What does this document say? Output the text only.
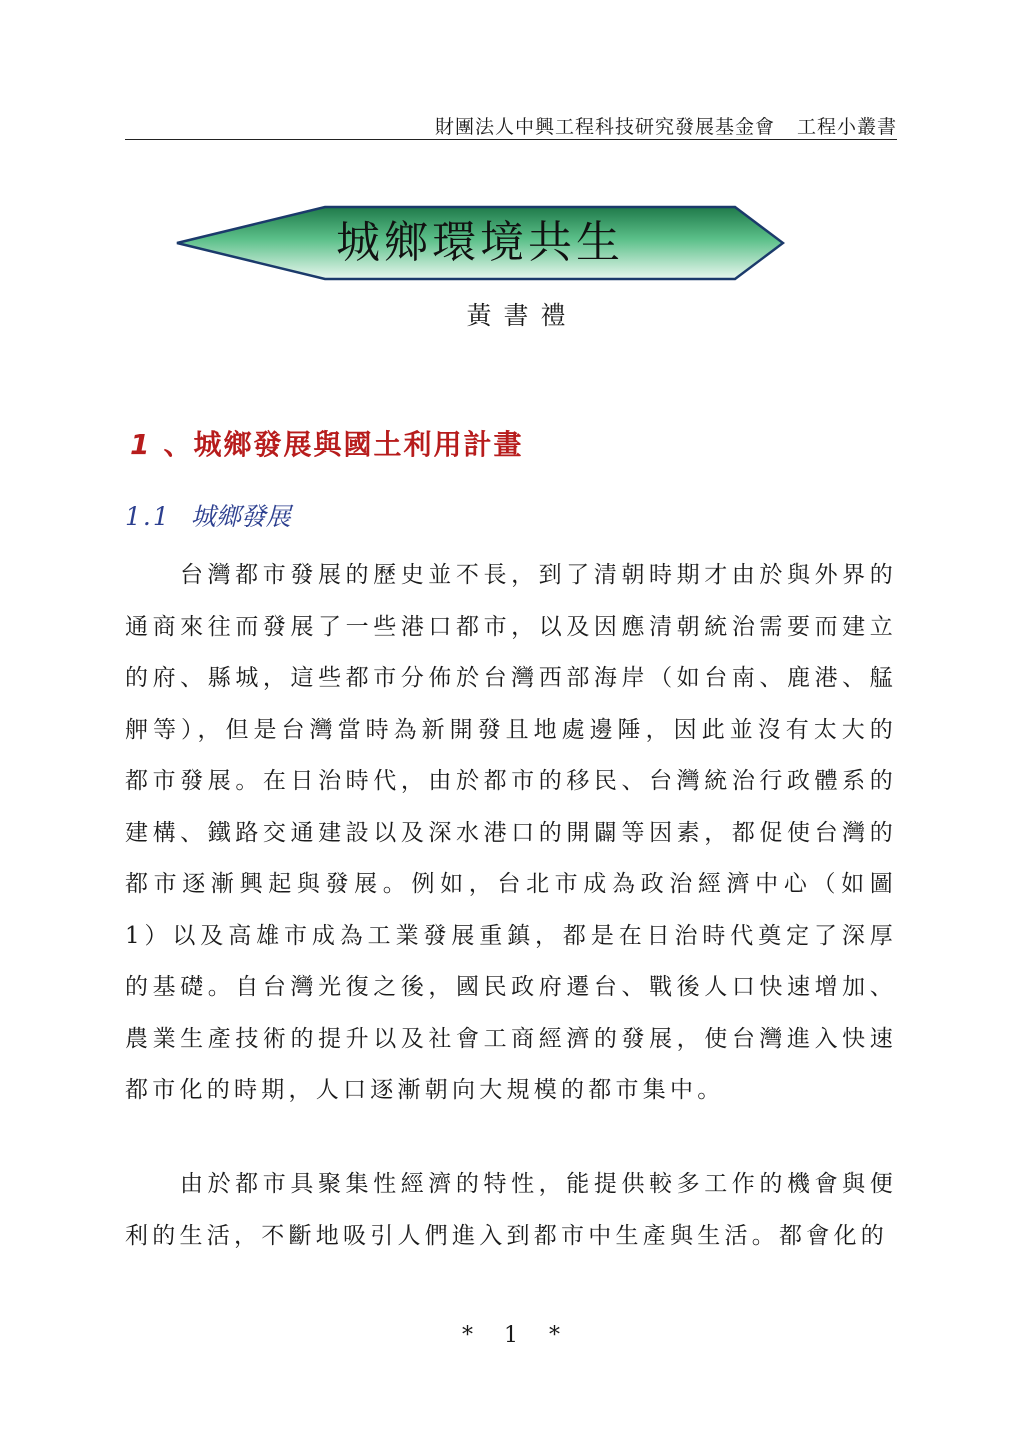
財團法人中興工程科技研究發展基金會 工程小叢書
城鄉環境共生
黃書禮
1 、城鄉發展與國土利用計畫
1.1 城鄉發展

台灣都市發展的歷史並不長，到了清朝時期才由於與外界的通商來往而發展了一些港口都市，以及因應清朝統治需要而建立的府、縣城，這些都市分佈於台灣西部海岸（如台南、鹿港、艋舺等），但是台灣當時為新開發且地處邊陲，因此並沒有太大的都市發展。在日治時代，由於都市的移民、台灣統治行政體系的建構、鐵路交通建設以及深水港口的開闢等因素，都促使台灣的都市逐漸興起與發展。例如，台北市成為政治經濟中心（如圖 1）以及高雄市成為工業發展重鎮，都是在日治時代奠定了深厚的基礎。自台灣光復之後，國民政府遷台、戰後人口快速增加、農業生產技術的提升以及社會工商經濟的發展，使台灣進入快速都市化的時期，人口逐漸朝向大規模的都市集中。

由於都市具聚集性經濟的特性，能提供較多工作的機會與便利的生活，不斷地吸引人們進入到都市中生產與生活。都會化的

* 1 *
